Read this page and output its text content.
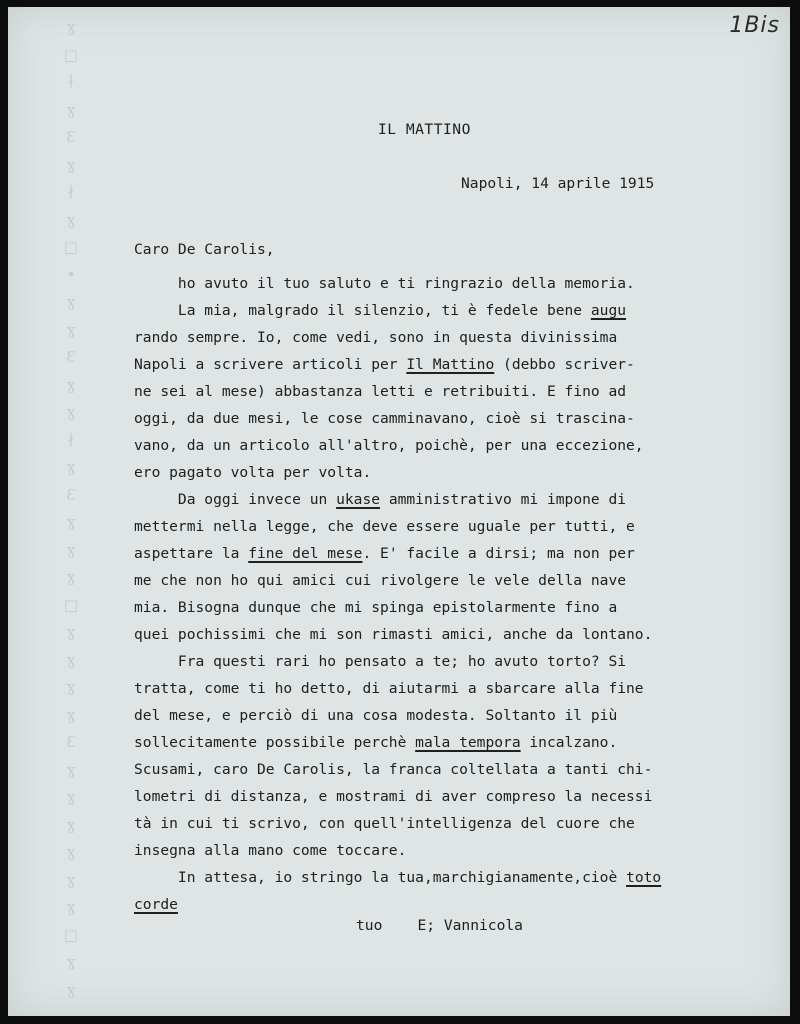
ɣ
□
∤
ɣ
Ɛ
ɣ
∤
ɣ
□
•
ɣ
ɣ
Ɛ
ɣ
ɣ
∤
ɣ
Ɛ
ɣ
ɣ
ɣ
□
ɣ
ɣ
ɣ
ɣ
Ɛ
ɣ
ɣ
ɣ
ɣ
ɣ
ɣ
□
ɣ
ɣ
1Bis
IL MATTINO
Napoli, 14 aprile 1915
Caro De Carolis,
ho avuto il tuo saluto e ti ringrazio della memoria.
La mia, malgrado il silenzio, ti è fedele bene augu
rando sempre. Io, come vedi, sono in questa divinissima
Napoli a scrivere articoli per Il Mattino (debbo scriver-
ne sei al mese) abbastanza letti e retribuiti. E fino ad
oggi, da due mesi, le cose camminavano, cioè si trascina-
vano, da un articolo all'altro, poichè, per una eccezione,
ero pagato volta per volta.
Da oggi invece un ukase amministrativo mi impone di
mettermi nella legge, che deve essere uguale per tutti, e
aspettare la fine del mese. E' facile a dirsi; ma non per
me che non ho qui amici cui rivolgere le vele della nave
mia. Bisogna dunque che mi spinga epistolarmente fino a
quei pochissimi che mi son rimasti amici, anche da lontano.
Fra questi rari ho pensato a te; ho avuto torto? Si
tratta, come ti ho detto, di aiutarmi a sbarcare alla fine
del mese, e perciò di una cosa modesta. Soltanto il più
sollecitamente possibile perchè mala tempora incalzano.
Scusami, caro De Carolis, la franca coltellata a tanti chi-
lometri di distanza, e mostrami di aver compreso la necessi
tà in cui ti scrivo, con quell'intelligenza del cuore che
insegna alla mano come toccare.
In attesa, io stringo la tua,marchigianamente,cioè toto
corde
tuo    E; Vannicola
